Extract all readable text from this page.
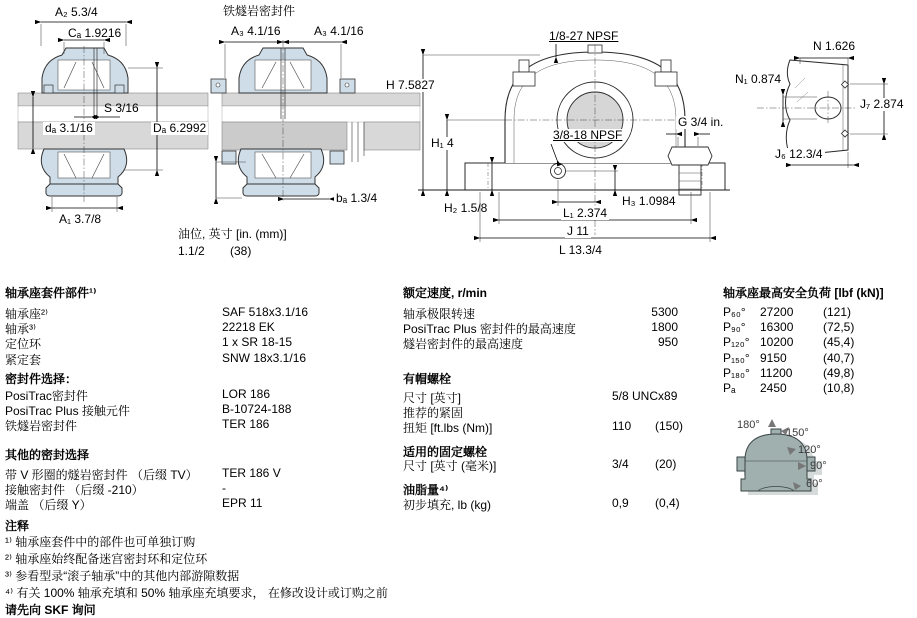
A₂ 5.3/4
Cₐ 1.9216
S 3/16
dₐ 3.1/16	Dₐ 6.2992
A₁ 3.7/8
铁燧岩密封件
A₃ 4.1/16	A₃ 4.1/16
bₐ 1.3/4
油位, 英寸 [in. (mm)]
1.1/2 (38)
1/8-27 NPSF
H 7.5827
H₁ 4
3/8-18 NPSF
G 3/4 in.
H₂ 1.5/8	H₃ 1.0984
L₁ 2.374
J 11
L 13.3/4
N 1.626
N₁ 0.874
J₇ 2.874
J₆ 12.3/4
轴承座套件部件¹⁾
轴承座²⁾	SAF 518x3.1/16
轴承³⁾	22218 EK
定位环	1 x SR 18-15
紧定套	SNW 18x3.1/16
密封件选择：
PosiTrac密封件	LOR 186
PosiTrac Plus 接触元件	B-10724-188
铁燧岩密封件	TER 186
其他的密封选择
带 V 形圈的燧岩密封件 （后缀 TV）	TER 186 V
接触密封件 （后缀 -210）	-
端盖 （后缀 Y）	EPR 11
注释
¹⁾ 轴承座套件中的部件也可单独订购
²⁾ 轴承座始终配备迷宫密封环和定位环
³⁾ 参看型录“滚子轴承”中的其他内部游隙数据
⁴⁾ 有关 100% 轴承充填和 50% 轴承座充填要求， 在修改设计或订购之前
请先向 SKF 询问
额定速度, r/min
轴承极限转速	5300
PosiTrac Plus 密封件的最高速度	1800
燧岩密封件的最高速度	950
有帽螺栓
尺寸 [英寸]	5/8 UNCx89
推荐的紧固
扭矩 [ft.lbs (Nm)]	110	(150)
适用的固定螺栓
尺寸 [英寸 (毫米)]	3/4	(20)
油脂量⁴⁾
初步填充, lb (kg)	0,9	(0,4)
轴承座最高安全负荷 [lbf (kN)]
P₆₀°	27200	(121)
P₉₀°	16300	(72,5)
P₁₂₀° 10200	(45,4)
P₁₅₀° 9150	(40,7)
P₁₈₀° 11200	(49,8)
Pₐ	2450	(10,8)
180°
150°
120°
90°
60°
